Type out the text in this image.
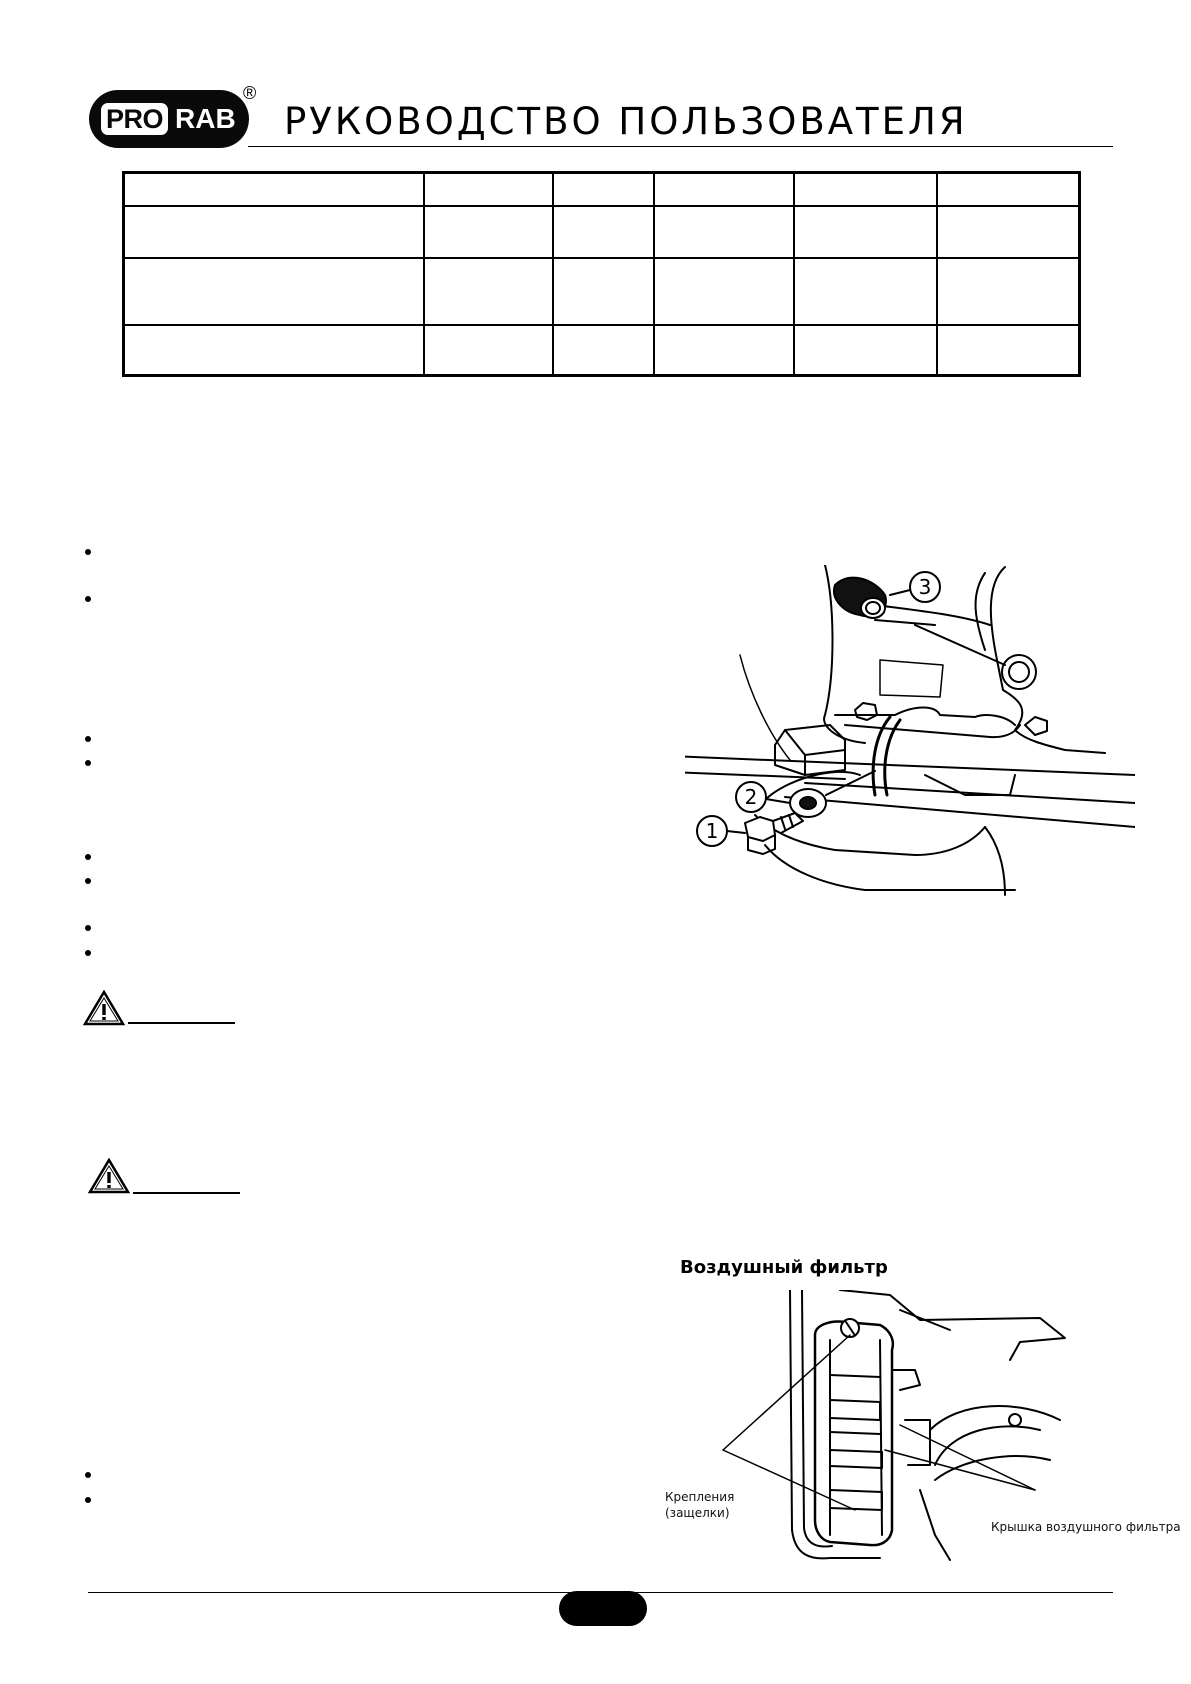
PRO RAB
®
РУКОВОДСТВО ПОЛЬЗОВАТЕЛЯ

3
2
1
Воздушный фильтр
Крепления
(защелки)
Крышка воздушного фильтра
